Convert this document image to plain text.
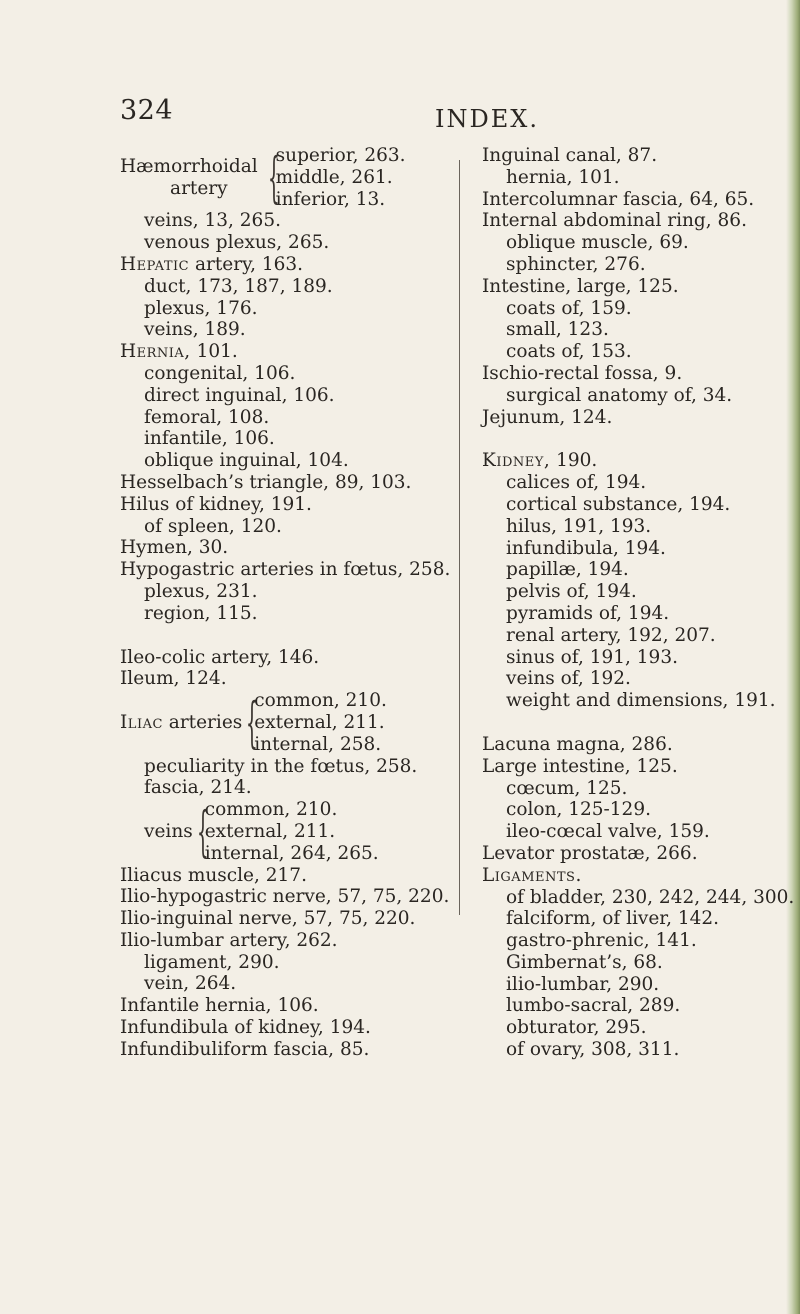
324	INDEX.
Hæmorrhoidal
artery {
superior, 263.
middle, 261.
inferior, 13.
veins, 13, 265.
venous plexus, 265.
Hepatic artery, 163.
duct, 173, 187, 189.
plexus, 176.
veins, 189.
Hernia, 101.
congenital, 106.
direct inguinal, 106.
femoral, 108.
infantile, 106.
oblique inguinal, 104.
Hesselbach’s triangle, 89, 103.
Hilus of kidney, 191.
of spleen, 120.
Hymen, 30.
Hypogastric arteries in fœtus, 258.
plexus, 231.
region, 115.
Ileo-colic artery, 146.
Ileum, 124.
Iliac arteries {
common, 210.
external, 211.
internal, 258.
peculiarity in the fœtus, 258.
fascia, 214.
veins {
common, 210.
external, 211.
internal, 264, 265.
Iliacus muscle, 217.
Ilio-hypogastric nerve, 57, 75, 220.
Ilio-inguinal nerve, 57, 75, 220.
Ilio-lumbar artery, 262.
ligament, 290.
vein, 264.
Infantile hernia, 106.
Infundibula of kidney, 194.
Infundibuliform fascia, 85.
Inguinal canal, 87.
hernia, 101.
Intercolumnar fascia, 64, 65.
Internal abdominal ring, 86.
oblique muscle, 69.
sphincter, 276.
Intestine, large, 125.
coats of, 159.
small, 123.
coats of, 153.
Ischio-rectal fossa, 9.
surgical anatomy of, 34.
Jejunum, 124.
Kidney, 190.
calices of, 194.
cortical substance, 194.
hilus, 191, 193.
infundibula, 194.
papillæ, 194.
pelvis of, 194.
pyramids of, 194.
renal artery, 192, 207.
sinus of, 191, 193.
veins of, 192.
weight and dimensions, 191.
Lacuna magna, 286.
Large intestine, 125.
cœcum, 125.
colon, 125-129.
ileo-cœcal valve, 159.
Levator prostatæ, 266.
Ligaments.
of bladder, 230, 242, 244, 300.
falciform, of liver, 142.
gastro-phrenic, 141.
Gimbernat’s, 68.
ilio-lumbar, 290.
lumbo-sacral, 289.
obturator, 295.
of ovary, 308, 311.
